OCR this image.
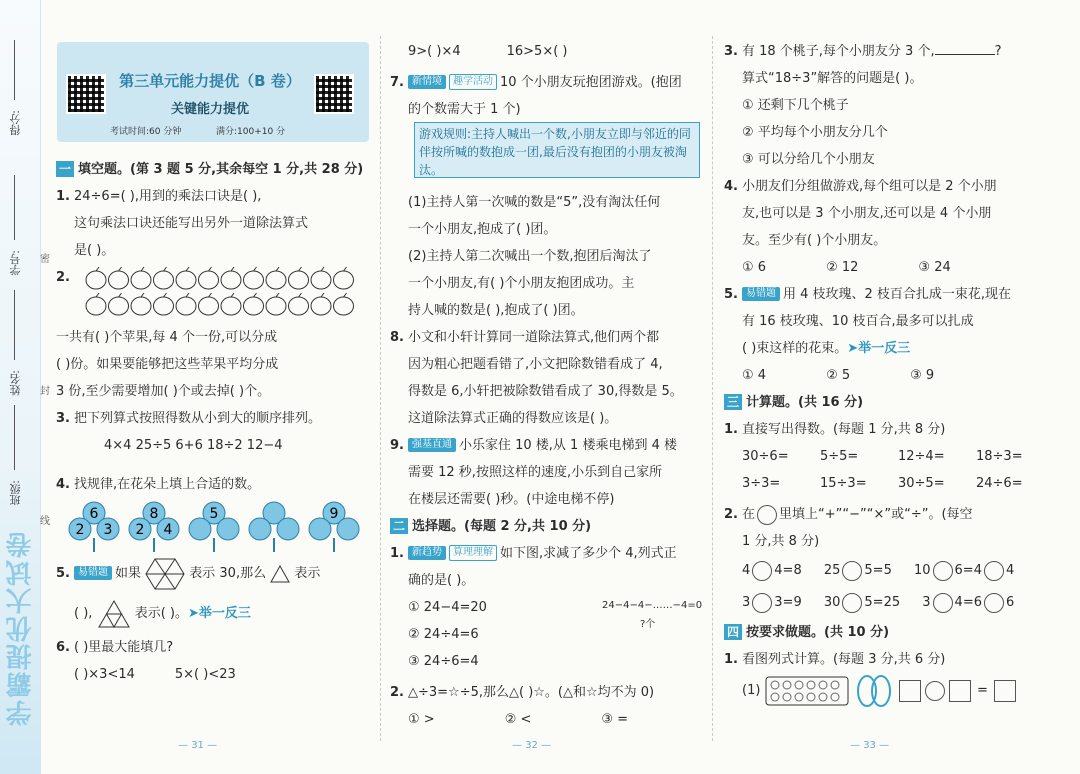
得分:
学号:
姓名:
班级:
学霸提优大试卷
密
封
线
第三单元能力提优（B 卷）
关键能力提优
考试时间:60 分钟	满分:100+10 分
一 填空题。(第 3 题 5 分,其余每空 1 分,共 28 分)
1. 24÷6=( ),用到的乘法口诀是( ),
这句乘法口诀还能写出另外一道除法算式
是( )。
2.
一共有( )个苹果,每 4 个一份,可以分成
( )份。如果要能够把这些苹果平均分成
3 份,至少需要增加( )个或去掉( )个。
3. 把下列算式按照得数从小到大的顺序排列。
4×4 25÷5 6+6 18÷2 12−4
4. 找规律,在花朵上填上合适的数。
6
2 3
8
2 4
5	9
5. 易错题 如果	表示 30,那么 表示
( ),	表示( )。➤举一反三
6. ( )里最大能填几?
( )×3<14	5×( )<23
— 31 —
9>( )×4	16>5×( )
7. 新情境 趣学活动 10 个小朋友玩抱团游戏。(抱团
的个数需大于 1 个)
(1)主持人第一次喊的数是“5”,没有淘汰任何
一个小朋友,抱成了( )团。
(2)主持人第二次喊出一个数,抱团后淘汰了
一个小朋友,有( )个小朋友抱团成功。主
持人喊的数是( ),抱成了( )团。
8. 小文和小轩计算同一道除法算式,他们两个都
因为粗心把题看错了,小文把除数错看成了 4,
得数是 6,小轩把被除数错看成了 30,得数是 5。
这道除法算式正确的得数应该是( )。
9. 强基直通 小乐家住 10 楼,从 1 楼乘电梯到 4 楼
需要 12 秒,按照这样的速度,小乐到自己家所
在楼层还需要( )秒。(中途电梯不停)
二 选择题。(每题 2 分,共 10 分)
1. 新趋势 算理理解 如下图,求减了多少个 4,列式正
确的是( )。
① 24−4=20	24−4−4−……−4=0
② 24÷4=6
?个
③ 24÷6=4
2. △÷3=☆÷5,那么△( )☆。(△和☆均不为 0)
① >	② <	③ =
游戏规则:主持人喊出一个数,小朋友立即与邻近的同伴按所喊的数抱成一团,最后没有抱团的小朋友被淘汰。
— 32 —
3. 有 18 个桃子,每个小朋友分 3 个,	?
算式“18÷3”解答的问题是( )。
① 还剩下几个桃子
② 平均每个小朋友分几个
③ 可以分给几个小朋友
4. 小朋友们分组做游戏,每个组可以是 2 个小朋
友,也可以是 3 个小朋友,还可以是 4 个小朋
友。至少有( )个小朋友。
① 6	② 12	③ 24
5. 易错题 用 4 枝玫瑰、2 枝百合扎成一束花,现在
有 16 枝玫瑰、10 枝百合,最多可以扎成
( )束这样的花束。➤举一反三
① 4	② 5	③ 9
三 计算题。(共 16 分)
1. 直接写出得数。(每题 1 分,共 8 分)
30÷6= 5÷5=	12÷4= 18÷3=
3÷3=	15÷3= 30÷5= 24÷6=
2. 在 里填上“+”“−”“×”或“÷”。(每空
1 分,共 8 分)
4 4=8 25 5=5 10 6=4 4
3 3=9 30 5=25 3 4=6 6
四 按要求做题。(共 10 分)
1. 看图列式计算。(每题 3 分,共 6 分)
(1)	=
— 33 —
